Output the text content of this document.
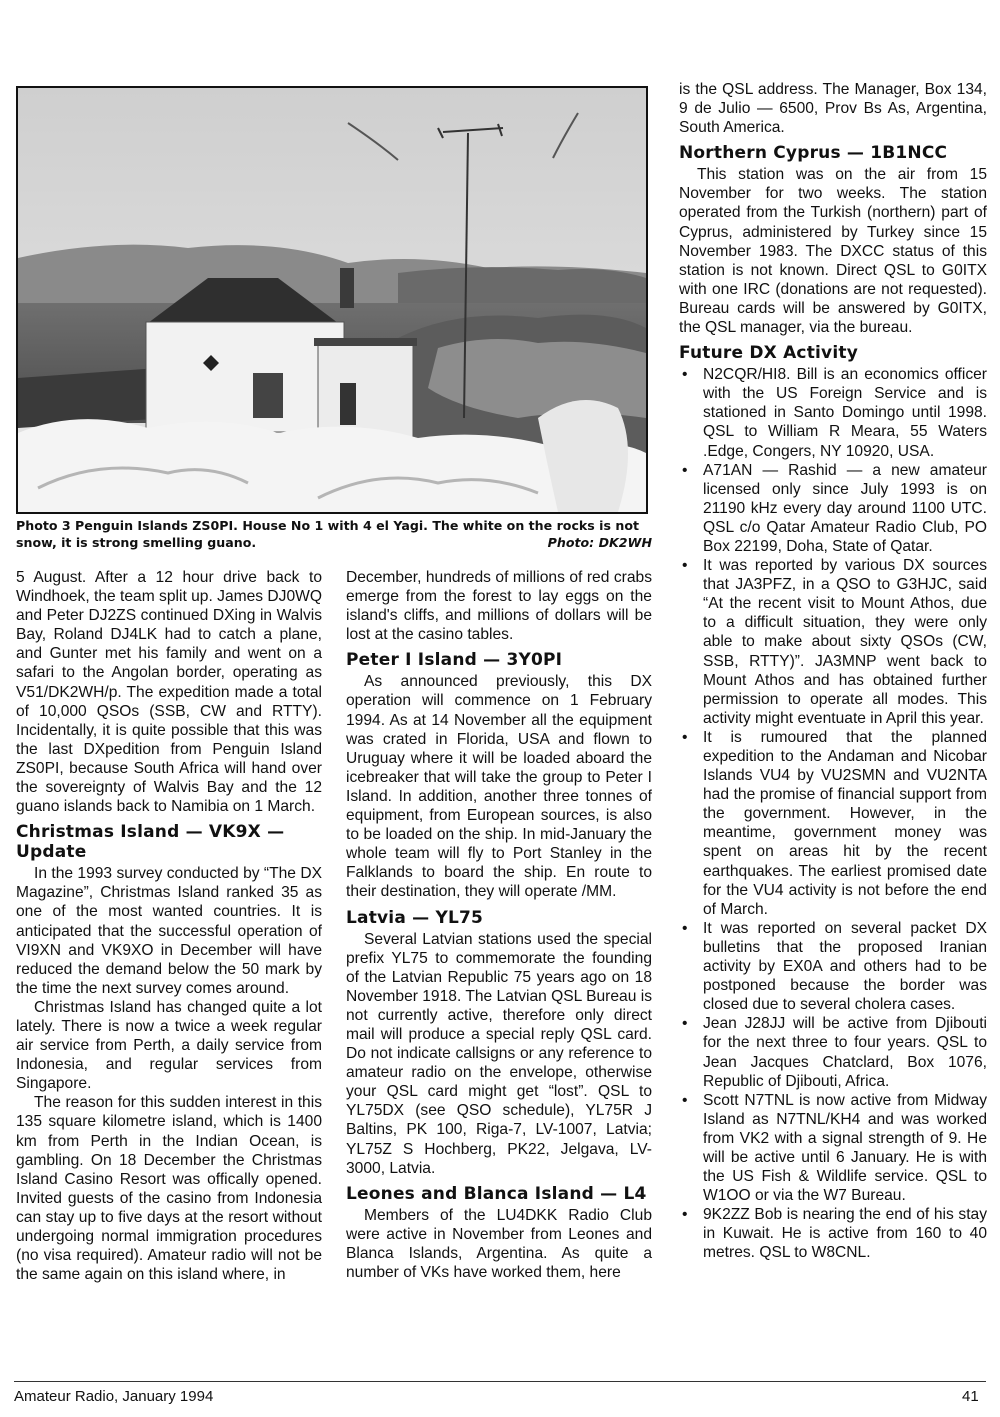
Photo 3 Penguin Islands ZS0PI. House No 1 with 4 el Yagi. The white on the rocks is not snow, it is strong smelling guano.	Photo: DK2WH

5 August. After a 12 hour drive back to Windhoek, the team split up. James DJ0WQ and Peter DJ2ZS continued DXing in Walvis Bay, Roland DJ4LK had to catch a plane, and Gunter met his family and went on a safari to the Angolan border, operating as V51/DK2WH/p. The expedition made a total of 10,000 QSOs (SSB, CW and RTTY). Incidentally, it is quite possible that this was the last DXpedition from Penguin Island ZS0PI, because South Africa will hand over the sovereignty of Walvis Bay and the 12 guano islands back to Namibia on 1 March.

Christmas Island — VK9X — Update

In the 1993 survey conducted by “The DX Magazine”, Christmas Island ranked 35 as one of the most wanted countries. It is anticipated that the successful operation of VI9XN and VK9XO in December will have reduced the demand below the 50 mark by the time the next survey comes around.

Christmas Island has changed quite a lot lately. There is now a twice a week regular air service from Perth, a daily service from Indonesia, and regular services from Singapore.

The reason for this sudden interest in this 135 square kilometre island, which is 1400 km from Perth in the Indian Ocean, is gambling. On 18 December the Christmas Island Casino Resort was offically opened. Invited guests of the casino from Indonesia can stay up to five days at the resort without undergoing normal immigration procedures (no visa required). Amateur radio will not be the same again on this island where, in

December, hundreds of millions of red crabs emerge from the forest to lay eggs on the island's cliffs, and millions of dollars will be lost at the casino tables.

Peter I Island — 3Y0PI

As announced previously, this DX operation will commence on 1 February 1994. As at 14 November all the equipment was crated in Florida, USA and flown to Uruguay where it will be loaded aboard the icebreaker that will take the group to Peter I Island. In addition, another three tonnes of equipment, from European sources, is also to be loaded on the ship. In mid-January the whole team will fly to Port Stanley in the Falklands to board the ship. En route to their destination, they will operate /MM.

Latvia — YL75

Several Latvian stations used the special prefix YL75 to commemorate the founding of the Latvian Republic 75 years ago on 18 November 1918. The Latvian QSL Bureau is not currently active, therefore only direct mail will produce a special reply QSL card. Do not indicate callsigns or any reference to amateur radio on the envelope, otherwise your QSL card might get “lost”. QSL to YL75DX (see QSO schedule), YL75R J Baltins, PK 100, Riga-7, LV-1007, Latvia; YL75Z S Hochberg, PK22, Jelgava, LV-3000, Latvia.

Leones and Blanca Island — L4

Members of the LU4DKK Radio Club were active in November from Leones and Blanca Islands, Argentina. As quite a number of VKs have worked them, here

is the QSL address. The Manager, Box 134, 9 de Julio — 6500, Prov Bs As, Argentina, South America.

Northern Cyprus — 1B1NCC

This station was on the air from 15 November for two weeks. The station operated from the Turkish (northern) part of Cyprus, administered by Turkey since 15 November 1983. The DXCC status of this station is not known. Direct QSL to G0ITX with one IRC (donations are not requested). Bureau cards will be answered by G0ITX, the QSL manager, via the bureau.

Future DX Activity
• N2CQR/HI8. Bill is an economics officer with the US Foreign Service and is stationed in Santo Domingo until 1998. QSL to William R Meara, 55 Waters .Edge, Congers, NY 10920, USA.
• A71AN — Rashid — a new amateur licensed only since July 1993 is on 21190 kHz every day around 1100 UTC. QSL c/o Qatar Amateur Radio Club, PO Box 22199, Doha, State of Qatar.
• It was reported by various DX sources that JA3PFZ, in a QSO to G3HJC, said “At the recent visit to Mount Athos, due to a difficult situation, they were only able to make about sixty QSOs (CW, SSB, RTTY)”. JA3MNP went back to Mount Athos and has obtained further permission to operate all modes. This activity might eventuate in April this year.
• It is rumoured that the planned expedition to the Andaman and Nicobar Islands VU4 by VU2SMN and VU2NTA had the promise of financial support from the government. However, in the meantime, government money was spent on areas hit by the recent earthquakes. The earliest promised date for the VU4 activity is not before the end of March.
• It was reported on several packet DX bulletins that the proposed Iranian activity by EX0A and others had to be postponed because the border was closed due to several cholera cases.
• Jean J28JJ will be active from Djibouti for the next three to four years. QSL to Jean Jacques Chatclard, Box 1076, Republic of Djibouti, Africa.
• Scott N7TNL is now active from Midway Island as N7TNL/KH4 and was worked from VK2 with a signal strength of 9. He will be active until 6 January. He is with the US Fish & Wildlife service. QSL to W1OO or via the W7 Bureau.
• 9K2ZZ Bob is nearing the end of his stay in Kuwait. He is active from 160 to 40 metres. QSL to W8CNL.
Amateur Radio, January 1994	41
